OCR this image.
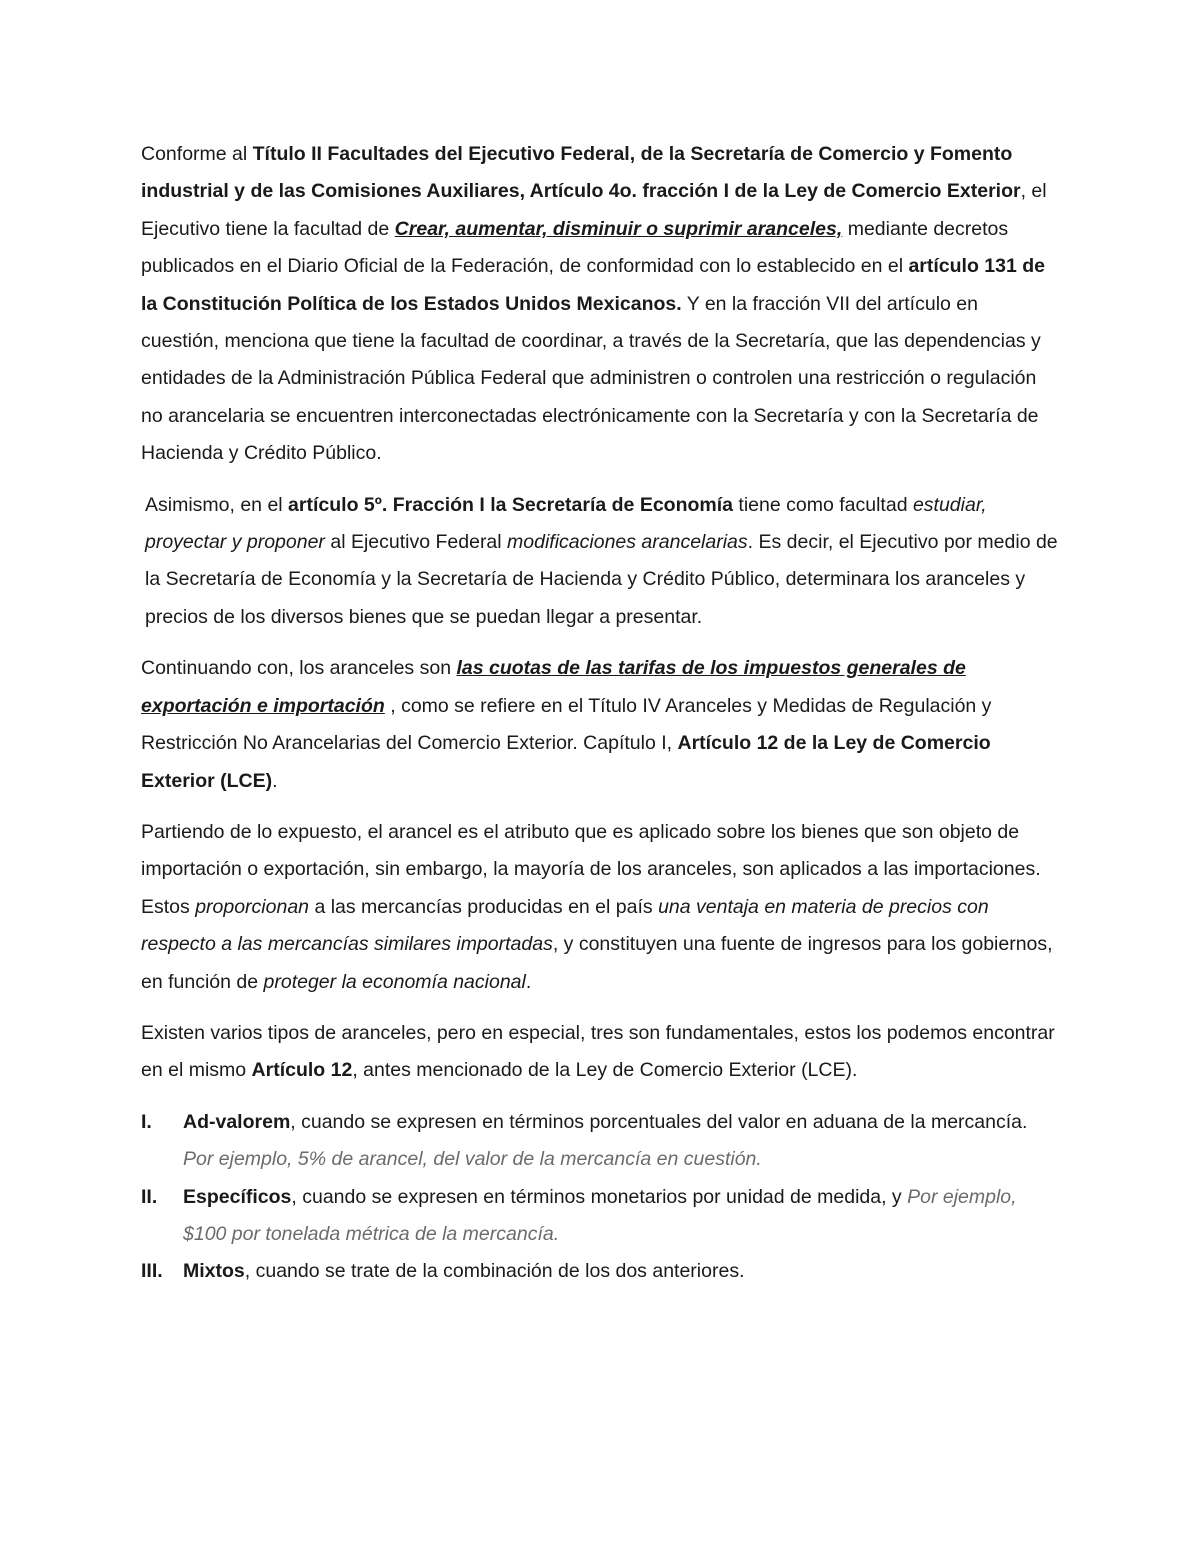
Conforme al Título II Facultades del Ejecutivo Federal, de la Secretaría de Comercio y Fomento industrial y de las Comisiones Auxiliares, Artículo 4o. fracción I de la Ley de Comercio Exterior, el Ejecutivo tiene la facultad de Crear, aumentar, disminuir o suprimir aranceles, mediante decretos publicados en el Diario Oficial de la Federación, de conformidad con lo establecido en el artículo 131 de la Constitución Política de los Estados Unidos Mexicanos. Y en la fracción VII del artículo en cuestión, menciona que tiene la facultad de coordinar, a través de la Secretaría, que las dependencias y entidades de la Administración Pública Federal que administren o controlen una restricción o regulación no arancelaria se encuentren interconectadas electrónicamente con la Secretaría y con la Secretaría de Hacienda y Crédito Público.

Asimismo, en el artículo 5º. Fracción I la Secretaría de Economía tiene como facultad estudiar, proyectar y proponer al Ejecutivo Federal modificaciones arancelarias. Es decir, el Ejecutivo por medio de la Secretaría de Economía y la Secretaría de Hacienda y Crédito Público, determinara los aranceles y precios de los diversos bienes que se puedan llegar a presentar.

Continuando con, los aranceles son las cuotas de las tarifas de los impuestos generales de exportación e importación , como se refiere en el Título IV Aranceles y Medidas de Regulación y Restricción No Arancelarias del Comercio Exterior. Capítulo I, Artículo 12 de la Ley de Comercio Exterior (LCE).

Partiendo de lo expuesto, el arancel es el atributo que es aplicado sobre los bienes que son objeto de importación o exportación, sin embargo, la mayoría de los aranceles, son aplicados a las importaciones. Estos proporcionan a las mercancías producidas en el país una ventaja en materia de precios con respecto a las mercancías similares importadas, y constituyen una fuente de ingresos para los gobiernos, en función de proteger la economía nacional.

Existen varios tipos de aranceles, pero en especial, tres son fundamentales, estos los podemos encontrar en el mismo Artículo 12, antes mencionado de la Ley de Comercio Exterior (LCE).

I. Ad-valorem, cuando se expresen en términos porcentuales del valor en aduana de la mercancía. Por ejemplo, 5% de arancel, del valor de la mercancía en cuestión.
II. Específicos, cuando se expresen en términos monetarios por unidad de medida, y Por ejemplo, $100 por tonelada métrica de la mercancía.
III. Mixtos, cuando se trate de la combinación de los dos anteriores.
